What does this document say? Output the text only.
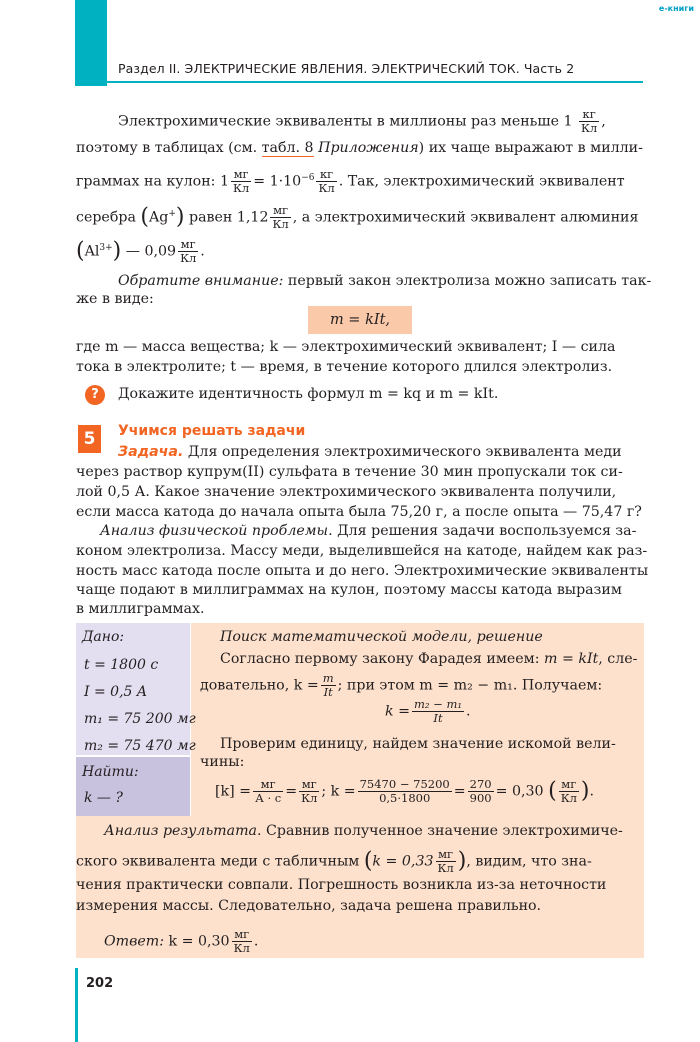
Раздел II. ЭЛЕКТРИЧЕСКИЕ ЯВЛЕНИЯ. ЭЛЕКТРИЧЕСКИЙ ТОК. Часть 2
e-книги
Электрохимические эквиваленты в миллионы раз меньше $1 \frac{кг}{Кл}$ ,
поэтому в таблицах (см. табл. 8 Приложения) их чаще выражают в милли-
граммах на кулон: $1 \frac{мг}{Кл} = 1\cdot 10^{-6} \frac{кг}{Кл}$ . Так, электрохимический эквивалент
серебра (Ag+) равен $1,12 \frac{мг}{Кл}$ , а электрохимический эквивалент алюминия
$(Al^{3+})$ — $0,09 \frac{мг}{Кл}$ .
Обратите внимание: первый закон электролиза можно записать так-
же в виде:
m = kIt,
где m — масса вещества; k — электрохимический эквивалент; I — сила
тока в электролите; t — время, в течение которого длился электролиз.
?	Докажите идентичность формул m = kq и m = kIt.
5	Учимся решать задачи
Задача. Для определения электрохимического эквивалента меди
через раствор купрум(II) сульфата в течение 30 мин пропускали ток си-
лой 0,5 А. Какое значение электрохимического эквивалента получили,
если масса катода до начала опыта была 75,20 г, а после опыта — 75,47 г?
Анализ физической проблемы. Для решения задачи воспользуемся за-
коном электролиза. Массу меди, выделившейся на катоде, найдем как раз-
ность масс катода после опыта и до него. Электрохимические эквиваленты
чаще подают в миллиграммах на кулон, поэтому массы катода выразим
в миллиграммах.
Дано:
t = 1800 с
I = 0,5 A
m₁ = 75 200 мг
m₂ = 75 470 мг
Найти:
k — ?
Поиск математической модели, решение
Согласно первому закону Фарадея имеем: m = kIt, сле-
довательно, $k = \frac{m}{It}$ ; при этом m = m₂ − m₁. Получаем:
$k = \frac{\text{m₂ − m₁}}{It}$ .
Проверим единицу, найдем значение искомой вели-
чины:
$[k] = \frac{мг}{А \cdot с} = \frac{мг}{Кл}$ ; $k = \frac{75470 - 75200}{0,5\cdot 1800} = \frac{270}{900} = 0,30$ ( $\frac{мг}{Кл}$ ).
Анализ результата. Сравнив полученное значение электрохимиче-
ского эквивалента меди с табличным ($k = 0,33 \frac{мг}{Кл}$ ), видим, что зна-
чения практически совпали. Погрешность возникла из-за неточности
измерения массы. Следовательно, задача решена правильно.
Ответ: $k = 0,30 \frac{мг}{Кл}$ .
202
